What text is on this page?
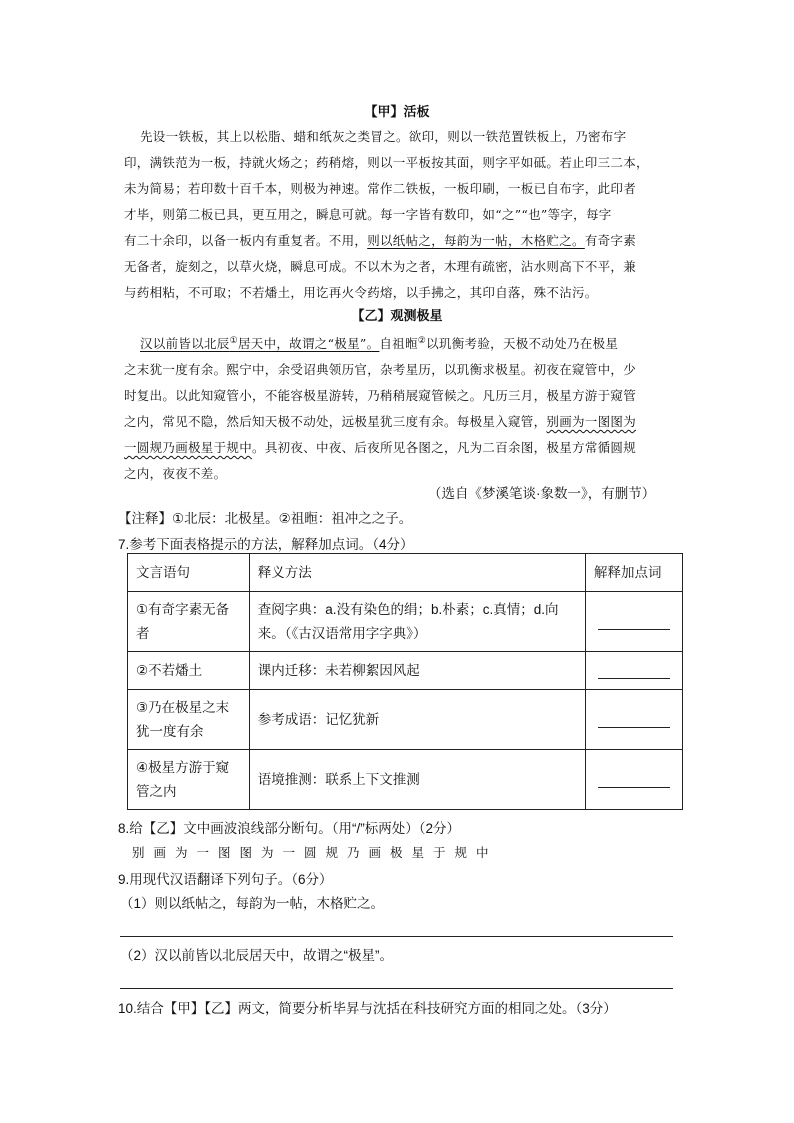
【甲】活板
先设一铁板，其上以松脂、蜡和纸灰之类冒之。欲印，则以一铁范置铁板上，乃密布字
印，满铁范为一板，持就火炀之；药稍熔，则以一平板按其面，则字平如砥。若止印三二本，
未为简易；若印数十百千本，则极为神速。常作二铁板，一板印刷，一板已自布字，此印者
才毕，则第二板已具，更互用之，瞬息可就。每一字皆有数印，如“之”“也”等字，每字
有二十余印，以备一板内有重复者。不用，则以纸帖之，每韵为一帖，木格贮之。有奇字素
无备者，旋刻之，以草火烧，瞬息可成。不以木为之者，木理有疏密，沾水则高下不平，兼
与药相粘，不可取；不若燔土，用讫再火令药熔，以手拂之，其印自落，殊不沾污。
【乙】观测极星
汉以前皆以北辰①居天中，故谓之“极星”。自祖暅②以玑衡考验，天极不动处乃在极星
之末犹一度有余。熙宁中，余受诏典领历官，杂考星历，以玑衡求极星。初夜在窥管中，少
时复出。以此知窥管小，不能容极星游转，乃稍稍展窥管候之。凡历三月，极星方游于窥管
之内，常见不隐，然后知天极不动处，远极星犹三度有余。每极星入窥管，别画为一图图为
一圆规乃画极星于规中。具初夜、中夜、后夜所见各图之，凡为二百余图，极星方常循圆规
之内，夜夜不差。
（选自《梦溪笔谈·象数一》，有删节）
【注释】①北辰：北极星。②祖暅：祖冲之之子。
7.参考下面表格提示的方法，解释加点词。（4分）
文言语句	释义方法	解释加点词
①有奇字素无备者	查阅字典：a.没有染色的绢；b.朴素；c.真情；d.向来。（《古汉语常用字字典》）	

②不若燔土	课内迁移：未若柳絮因风起	

③乃在极星之末犹一度有余	参考成语：记忆犹新	

④极星方游于窥管之内	语境推测：联系上下文推测	
8.给【乙】文中画波浪线部分断句。（用“/”标两处）（2分）
别画为一图图为一圆规乃画极星于规中
9.用现代汉语翻译下列句子。（6分）
（1）则以纸帖之，每韵为一帖，木格贮之。
（2）汉以前皆以北辰居天中，故谓之“极星”。
10.结合【甲】【乙】两文，简要分析毕昇与沈括在科技研究方面的相同之处。（3分）
